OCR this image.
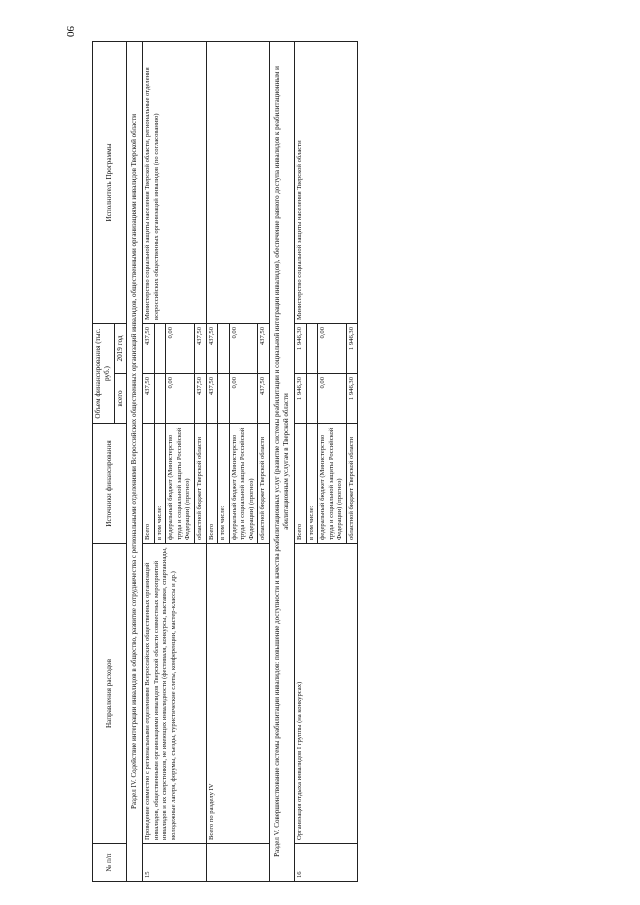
90
№ п/п	Направления расходов	Источники финансирования	Объем финансирования (тыс. руб.)		Исполнитель Программы
			всего	2019 год	
Раздел IV. Содействие интеграции инвалидов в общество, развитие сотрудничества с региональными отделениями Всероссийских общественных организаций инвалидов, общественными организациями инвалидов Тверской области					
15	Проведение совместно с региональными отделениями Всероссийских общественных организаций инвалидов, общественными организациями инвалидов Тверской области совместных мероприятий инвалидов и их сверстников, не имеющих инвалидности (фестиваля, конкурсы, выставки, спартакиады, молодежные лагеря, форумы, съезды, туристические слеты, конференции, мастер-классы и др.)	Всего	437,50	437,50	Министерство социальной защиты населения Тверской области, региональные отделения всероссийских общественных организаций инвалидов (по согласованию)
		в том числе:			
		федеральный бюджет (Министерство труда и социальной защиты Российской Федерации) (прогноз)	0,00	0,00	
		областной бюджет Тверской области	437,50	437,50	
	Всего по разделу IV	Всего	437,50	437,50	
		в том числе:			
		федеральный бюджет (Министерство труда и социальной защиты Российской Федерации) (прогноз)	0,00	0,00	
		областной бюджет Тверской области	437,50	437,50	
Раздел V. Совершенствование системы реабилитации инвалидов: повышение доступности и качества реабилитационных услуг (развитие системы реабилитации и социальной интеграции инвалидов), обеспечение равного доступа инвалидов к реабилитационным и абилитационным услугам в Тверской области					
16	Организация отдыха инвалидов I группы (на конкурсах)	Всего	1 946,30	1 946,30	Министерство социальной защиты населения Тверской области
		в том числе:			
		федеральный бюджет (Министерство труда и социальной защиты Российской Федерации) (прогноз)	0,00	0,00	
		областной бюджет Тверской области	1 946,30	1 946,30	
